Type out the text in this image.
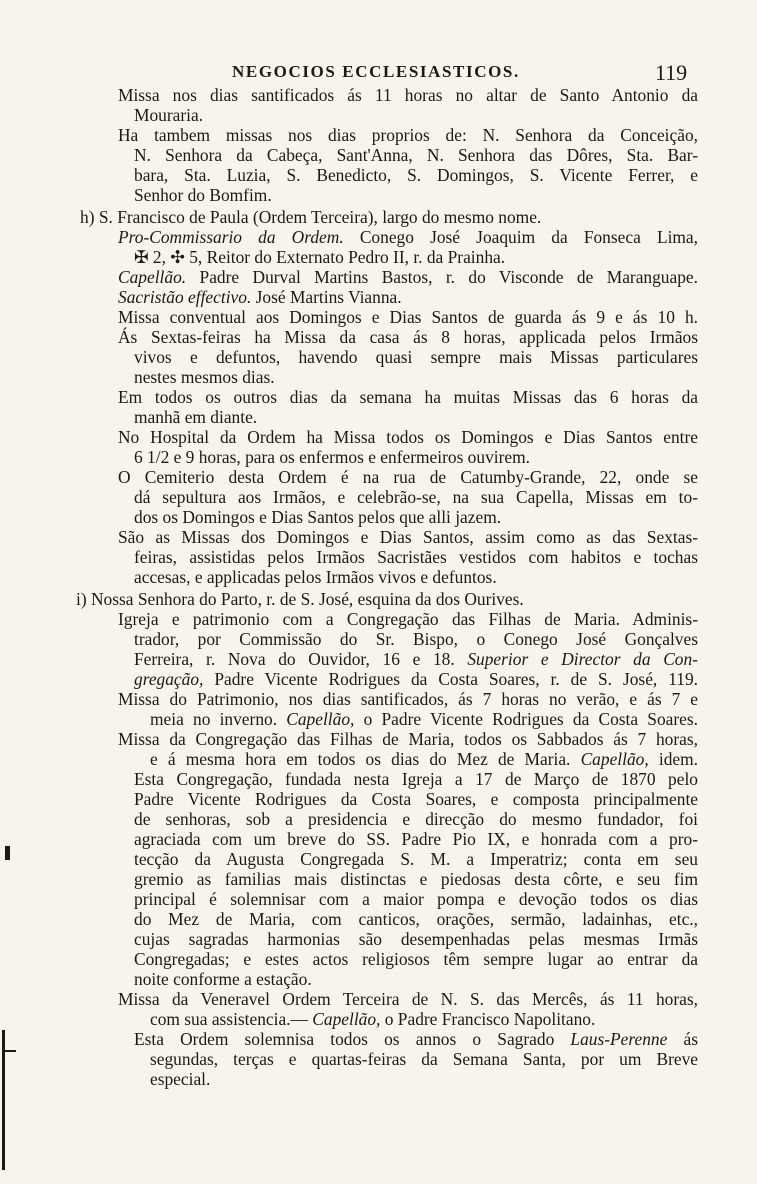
NEGOCIOS ECCLESIASTICOS.	119
Missa nos dias santificados ás 11 horas no altar de Santo Antonio da
Mouraria.
Ha tambem missas nos dias proprios de: N. Senhora da Conceição,
N. Senhora da Cabeça, Sant'Anna, N. Senhora das Dôres, Sta. Bar-
bara, Sta. Luzia, S. Benedicto, S. Domingos, S. Vicente Ferrer, e
Senhor do Bomfim.
h) S. Francisco de Paula (Ordem Terceira), largo do mesmo nome.
Pro-Commissario da Ordem. Conego José Joaquim da Fonseca Lima,
✠ 2, ✣ 5, Reitor do Externato Pedro II, r. da Prainha.
Capellão. Padre Durval Martins Bastos, r. do Visconde de Maranguape.
Sacristão effectivo. José Martins Vianna.
Missa conventual aos Domingos e Dias Santos de guarda ás 9 e ás 10 h.
Ás Sextas-feiras ha Missa da casa ás 8 horas, applicada pelos Irmãos
vivos e defuntos, havendo quasi sempre mais Missas particulares
nestes mesmos dias.
Em todos os outros dias da semana ha muitas Missas das 6 horas da
manhã em diante.
No Hospital da Ordem ha Missa todos os Domingos e Dias Santos entre
6 1/2 e 9 horas, para os enfermos e enfermeiros ouvirem.
O Cemiterio desta Ordem é na rua de Catumby-Grande, 22, onde se
dá sepultura aos Irmãos, e celebrão-se, na sua Capella, Missas em to-
dos os Domingos e Dias Santos pelos que alli jazem.
São as Missas dos Domingos e Dias Santos, assim como as das Sextas-
feiras, assistidas pelos Irmãos Sacristães vestidos com habitos e tochas
accesas, e applicadas pelos Irmãos vivos e defuntos.
i) Nossa Senhora do Parto, r. de S. José, esquina da dos Ourives.
Igreja e patrimonio com a Congregação das Filhas de Maria. Adminis-
trador, por Commissão do Sr. Bispo, o Conego José Gonçalves
Ferreira, r. Nova do Ouvidor, 16 e 18. Superior e Director da Con-
gregação, Padre Vicente Rodrigues da Costa Soares, r. de S. José, 119.
Missa do Patrimonio, nos dias santificados, ás 7 horas no verão, e ás 7 e
meia no inverno. Capellão, o Padre Vicente Rodrigues da Costa Soares.
Missa da Congregação das Filhas de Maria, todos os Sabbados ás 7 horas,
e á mesma hora em todos os dias do Mez de Maria. Capellão, idem.
Esta Congregação, fundada nesta Igreja a 17 de Março de 1870 pelo
Padre Vicente Rodrigues da Costa Soares, e composta principalmente
de senhoras, sob a presidencia e direcção do mesmo fundador, foi
agraciada com um breve do SS. Padre Pio IX, e honrada com a pro-
tecção da Augusta Congregada S. M. a Imperatriz; conta em seu
gremio as familias mais distinctas e piedosas desta côrte, e seu fim
principal é solemnisar com a maior pompa e devoção todos os dias
do Mez de Maria, com canticos, orações, sermão, ladainhas, etc.,
cujas sagradas harmonias são desempenhadas pelas mesmas Irmãs
Congregadas; e estes actos religiosos têm sempre lugar ao entrar da
noite conforme a estação.
Missa da Veneravel Ordem Terceira de N. S. das Mercês, ás 11 horas,
com sua assistencia.— Capellão, o Padre Francisco Napolitano.
Esta Ordem solemnisa todos os annos o Sagrado Laus-Perenne ás
segundas, terças e quartas-feiras da Semana Santa, por um Breve
especial.
